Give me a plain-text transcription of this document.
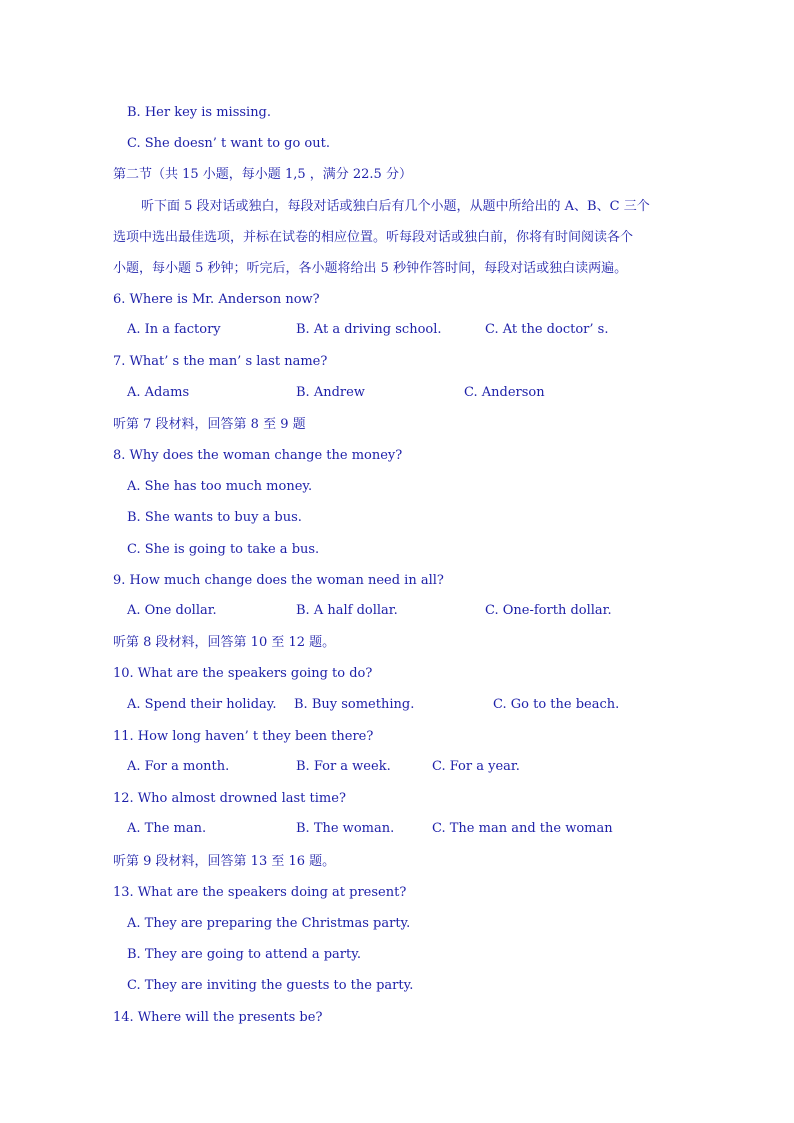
B. Her key is missing.
C. She doesn’ t want to go out.
第二节（共 15 小题，每小题 1,5 ，满分 22.5 分）
听下面 5 段对话或独白，每段对话或独白后有几个小题，从题中所给出的 A、B、C 三个
选项中选出最佳选项，并标在试卷的相应位置。听每段对话或独白前，你将有时间阅读各个
小题，每小题 5 秒钟；听完后，各小题将给出 5 秒钟作答时间，每段对话或独白读两遍。
6. Where is Mr. Anderson now?
A. In a factory	B. At a driving school.	C. At the doctor’ s.
7. What’ s the man’ s last name?
A. Adams	B. Andrew	C. Anderson
听第 7 段材料，回答第 8 至 9 题
8. Why does the woman change the money?
A. She has too much money.
B. She wants to buy a bus.
C. She is going to take a bus.
9. How much change does the woman need in all?
A. One dollar.	B. A half dollar.	C. One-forth dollar.
听第 8 段材料，回答第 10 至 12 题。
10. What are the speakers going to do?
A. Spend their holiday. B. Buy something.	C. Go to the beach.
11. How long haven’ t they been there?
A. For a month.	B. For a week.	C. For a year.
12. Who almost drowned last time?
A. The man.	B. The woman.	C. The man and the woman
听第 9 段材料，回答第 13 至 16 题。
13. What are the speakers doing at present?
A. They are preparing the Christmas party.
B. They are going to attend a party.
C. They are inviting the guests to the party.
14. Where will the presents be?
